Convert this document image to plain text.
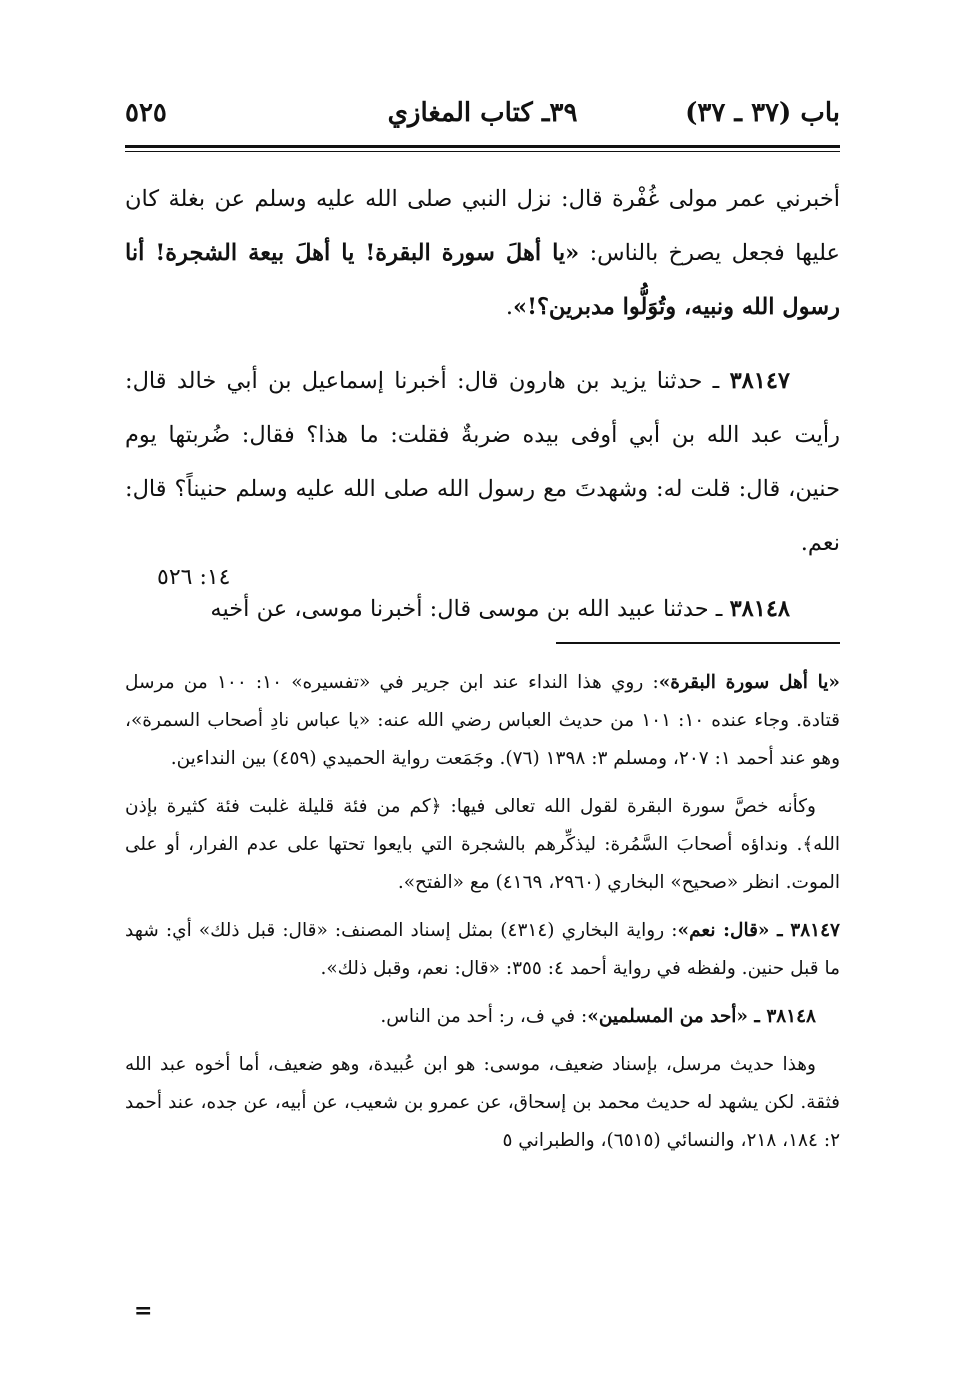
باب (٣٧ ـ ٣٧)
٣٩ـ كتاب المغازي
٥٢٥

أخبرني عمر مولى غُفْرة قال: نزل النبي صلى الله عليه وسلم عن بغلة كان عليها فجعل يصرخ بالناس: «يا أهلَ سورة البقرة! يا أهلَ بيعة الشجرة! أنا رسول الله ونبيه، وتُوَلُّوا مدبرين؟!».

٣٨١٤٧ ـ حدثنا يزيد بن هارون قال: أخبرنا إسماعيل بن أبي خالد قال: رأيت عبد الله بن أبي أوفى بيده ضربةٌ فقلت: ما هذا؟ فقال: ضُربتها يوم حنين، قال: قلت له: وشهدتَ مع رسول الله صلى الله عليه وسلم حنيناً؟ قال: نعم.

٣٨١٤٨ ـ حدثنا عبيد الله بن موسى قال: أخبرنا موسى، عن أخيه

١٤: ٥٢٦

«يا أهل سورة البقرة»: روي هذا النداء عند ابن جرير في «تفسيره» ١٠: ١٠٠ من مرسل قتادة. وجاء عنده ١٠: ١٠١ من حديث العباس رضي الله عنه: «يا عباس نادِ أصحاب السمرة»، وهو عند أحمد ١: ٢٠٧، ومسلم ٣: ١٣٩٨ (٧٦). وجَمَعت رواية الحميدي (٤٥٩) بين النداءين.

وكأنه خصَّ سورة البقرة لقول الله تعالى فيها: ﴿كم من فئة قليلة غلبت فئة كثيرة بإذن الله﴾. ونداؤه أصحابَ السَّمُرة: ليذكِّرهم بالشجرة التي بايعوا تحتها على عدم الفرار، أو على الموت. انظر «صحيح» البخاري (٢٩٦٠، ٤١٦٩) مع «الفتح».

٣٨١٤٧ ـ «قال: نعم»: رواية البخاري (٤٣١٤) بمثل إسناد المصنف: «قال: قبل ذلك» أي: شهد ما قبل حنين. ولفظه في رواية أحمد ٤: ٣٥٥: «قال: نعم، وقبل ذلك».

٣٨١٤٨ ـ «أحد من المسلمين»: في ف، ر: أحد من الناس.

وهذا حديث مرسل، بإسناد ضعيف، موسى: هو ابن عُبيدة، وهو ضعيف، أما أخوه عبد الله فثقة. لكن يشهد له حديث محمد بن إسحاق، عن عمرو بن شعيب، عن أبيه، عن جده، عند أحمد ٢: ١٨٤، ٢١٨، والنسائي (٦٥١٥)، والطبراني ٥

=
